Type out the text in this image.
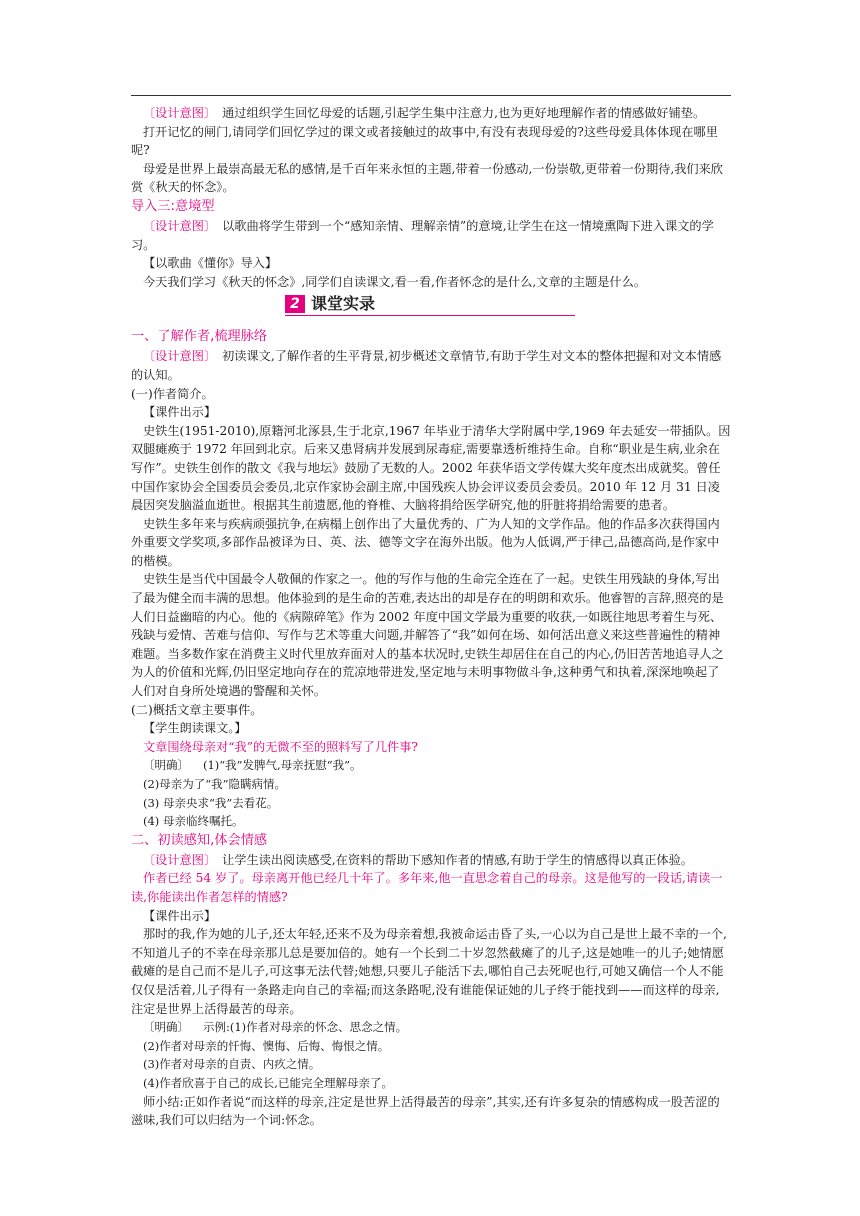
〔设计意图〕 通过组织学生回忆母爱的话题,引起学生集中注意力,也为更好地理解作者的情感做好铺垫。

打开记忆的闸门,请同学们回忆学过的课文或者接触过的故事中,有没有表现母爱的?这些母爱具体体现在哪里呢?

母爱是世界上最崇高最无私的感情,是千百年来永恒的主题,带着一份感动,一份崇敬,更带着一份期待,我们来欣赏《秋天的怀念》。

导入三:意境型

〔设计意图〕 以歌曲将学生带到一个“感知亲情、理解亲情”的意境,让学生在这一情境熏陶下进入课文的学习。

【以歌曲《懂你》导入】

今天我们学习《秋天的怀念》,同学们自读课文,看一看,作者怀念的是什么,文章的主题是什么。

2 课堂实录

一、了解作者,梳理脉络

〔设计意图〕 初读课文,了解作者的生平背景,初步概述文章情节,有助于学生对文本的整体把握和对文本情感的认知。

(一)作者简介。

【课件出示】

史铁生(1951-2010),原籍河北涿县,生于北京,1967 年毕业于清华大学附属中学,1969 年去延安一带插队。因双腿瘫痪于 1972 年回到北京。后来又患肾病并发展到尿毒症,需要靠透析维持生命。自称“职业是生病,业余在写作”。史铁生创作的散文《我与地坛》鼓励了无数的人。2002 年获华语文学传媒大奖年度杰出成就奖。曾任中国作家协会全国委员会委员,北京作家协会副主席,中国残疾人协会评议委员会委员。2010 年 12 月 31 日凌晨因突发脑溢血逝世。根据其生前遗愿,他的脊椎、大脑将捐给医学研究,他的肝脏将捐给需要的患者。

史铁生多年来与疾病顽强抗争,在病榻上创作出了大量优秀的、广为人知的文学作品。他的作品多次获得国内外重要文学奖项,多部作品被译为日、英、法、德等文字在海外出版。他为人低调,严于律己,品德高尚,是作家中的楷模。

史铁生是当代中国最令人敬佩的作家之一。他的写作与他的生命完全连在了一起。史铁生用残缺的身体,写出了最为健全而丰满的思想。他体验到的是生命的苦难,表达出的却是存在的明朗和欢乐。他睿智的言辞,照亮的是人们日益幽暗的内心。他的《病隙碎笔》作为 2002 年度中国文学最为重要的收获,一如既往地思考着生与死、残缺与爱情、苦难与信仰、写作与艺术等重大问题,并解答了“我”如何在场、如何活出意义来这些普遍性的精神难题。当多数作家在消费主义时代里放弃面对人的基本状况时,史铁生却居住在自己的内心,仍旧苦苦地追寻人之为人的价值和光辉,仍旧坚定地向存在的荒凉地带进发,坚定地与未明事物做斗争,这种勇气和执着,深深地唤起了人们对自身所处境遇的警醒和关怀。

(二)概括文章主要事件。

【学生朗读课文。】

文章围绕母亲对“我”的无微不至的照料写了几件事?

〔明确〕 (1)“我”发脾气,母亲抚慰“我”。

(2)母亲为了“我”隐瞒病情。

(3) 母亲央求“我”去看花。

(4) 母亲临终嘱托。

二、初读感知,体会情感

〔设计意图〕 让学生读出阅读感受,在资料的帮助下感知作者的情感,有助于学生的情感得以真正体验。

作者已经 54 岁了。母亲离开他已经几十年了。多年来,他一直思念着自己的母亲。这是他写的一段话,请读一读,你能读出作者怎样的情感?

【课件出示】

那时的我,作为她的儿子,还太年轻,还来不及为母亲着想,我被命运击昏了头,一心以为自己是世上最不幸的一个,不知道儿子的不幸在母亲那儿总是要加倍的。她有一个长到二十岁忽然截瘫了的儿子,这是她唯一的儿子;她情愿截瘫的是自己而不是儿子,可这事无法代替;她想,只要儿子能活下去,哪怕自己去死呢也行,可她又确信一个人不能仅仅是活着,儿子得有一条路走向自己的幸福;而这条路呢,没有谁能保证她的儿子终于能找到——而这样的母亲,注定是世界上活得最苦的母亲。

〔明确〕 示例:(1)作者对母亲的怀念、思念之情。

(2)作者对母亲的忏悔、懊悔、后悔、悔恨之情。

(3)作者对母亲的自责、内疚之情。

(4)作者欣喜于自己的成长,已能完全理解母亲了。

师小结:正如作者说“而这样的母亲,注定是世界上活得最苦的母亲”,其实,还有许多复杂的情感构成一股苦涩的滋味,我们可以归结为一个词:怀念。
